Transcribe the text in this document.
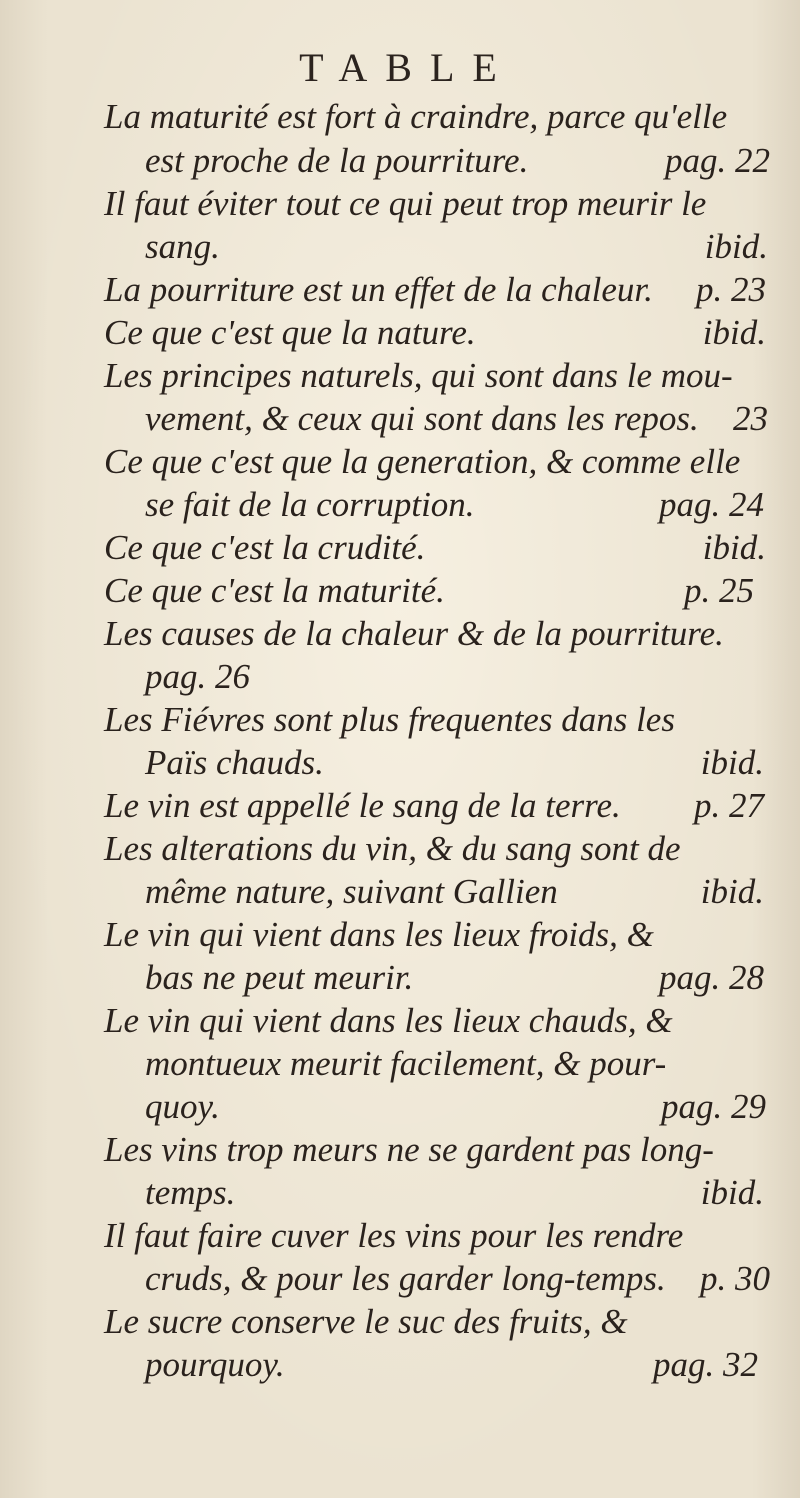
TABLE
La maturité est fort à craindre, parce qu'elle
est proche de la pourriture.	pag. 22
Il faut éviter tout ce qui peut trop meurir le
sang.	ibid.
La pourriture est un effet de la chaleur. p. 23
Ce que c'est que la nature.	ibid.
Les principes naturels, qui sont dans le mou-
vement, & ceux qui sont dans les repos. 23
Ce que c'est que la generation, & comme elle
se fait de la corruption.	pag. 24
Ce que c'est la crudité.	ibid.
Ce que c'est la maturité.	p. 25
Les causes de la chaleur & de la pourriture.
pag. 26
Les Fiévres sont plus frequentes dans les
Païs chauds.	ibid.
Le vin est appellé le sang de la terre. p. 27
Les alterations du vin, & du sang sont de
même nature, suivant Gallien	ibid.
Le vin qui vient dans les lieux froids, &
bas ne peut meurir.	pag. 28
Le vin qui vient dans les lieux chauds, &
montueux meurit facilement, & pour-
quoy.	pag. 29
Les vins trop meurs ne se gardent pas long-
temps.	ibid.
Il faut faire cuver les vins pour les rendre
cruds, & pour les garder long-temps. p. 30
Le sucre conserve le suc des fruits, &
pourquoy.	pag. 32
